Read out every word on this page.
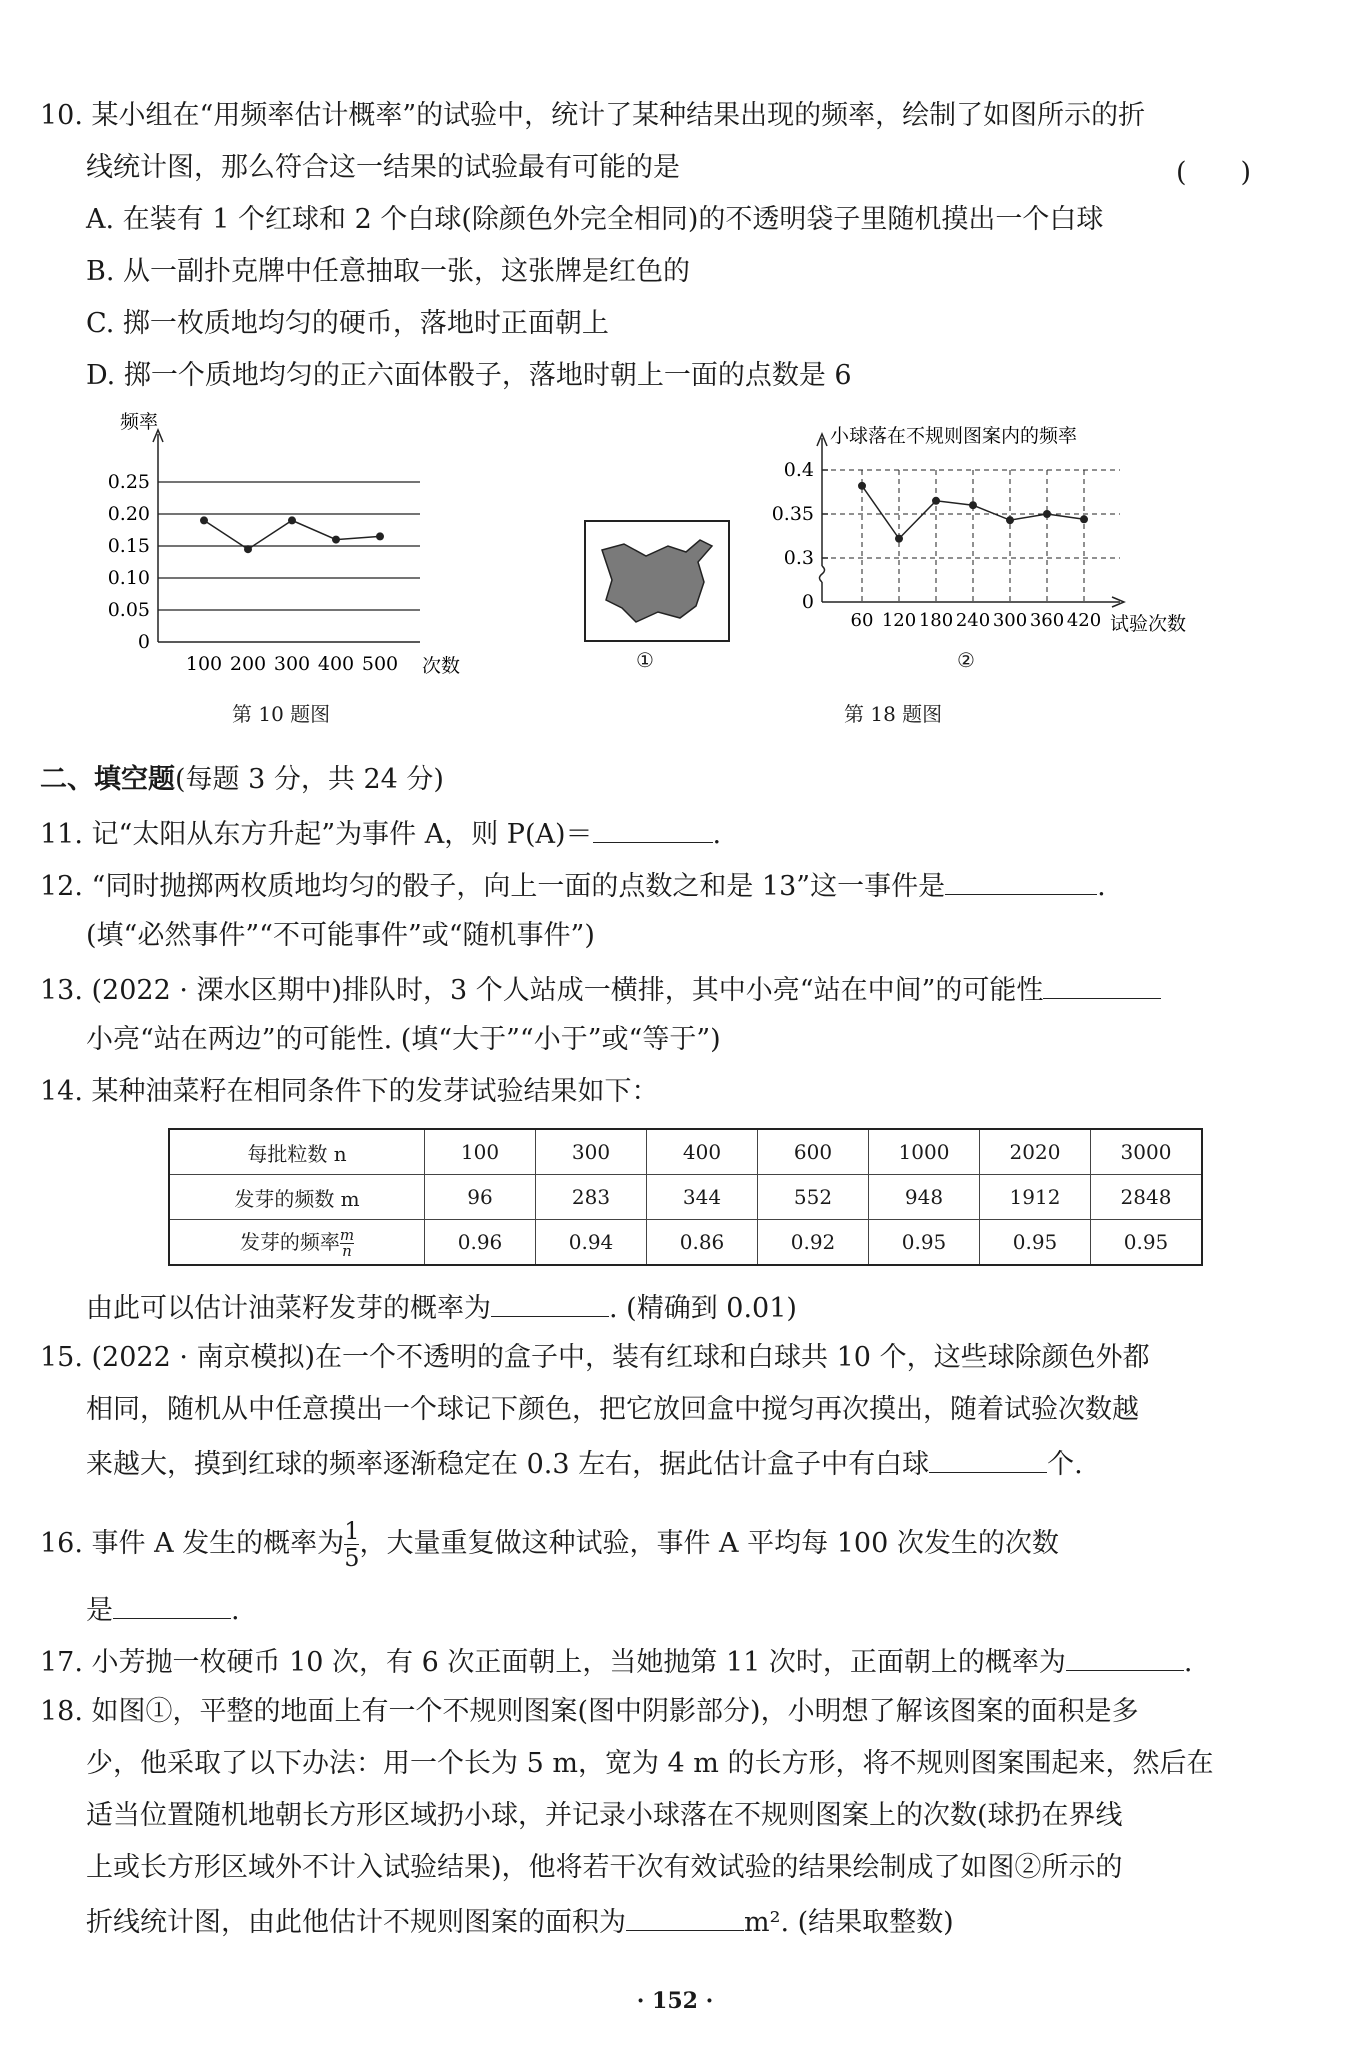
10. 某小组在“用频率估计概率”的试验中，统计了某种结果出现的频率，绘制了如图所示的折
线统计图，那么符合这一结果的试验最有可能的是	(　　)
A. 在装有 1 个红球和 2 个白球(除颜色外完全相同)的不透明袋子里随机摸出一个白球
B. 从一副扑克牌中任意抽取一张，这张牌是红色的
C. 掷一枚质地均匀的硬币，落地时正面朝上
D. 掷一个质地均匀的正六面体骰子，落地时朝上一面的点数是 6
0
0.05
0.10
0.15
0.20
0.25
100 200 300 400 500
频率
次数	①
小球落在不规则图案内的频率
0
0.3
0.35
0.4
60 120 180 240 300 360 420 试验次数
②
第 10 题图	第 18 题图
二、填空题(每题 3 分，共 24 分)
11. 记“太阳从东方升起”为事件 A，则 P(A)＝	.
12. “同时抛掷两枚质地均匀的骰子，向上一面的点数之和是 13”这一事件是	.
(填“必然事件”“不可能事件”或“随机事件”)
13. (2022 · 溧水区期中)排队时，3 个人站成一横排，其中小亮“站在中间”的可能性
小亮“站在两边”的可能性. (填“大于”“小于”或“等于”)
14. 某种油菜籽在相同条件下的发芽试验结果如下：
每批粒数 n	100	300	400	600	1000	2020	3000
发芽的频数 m	96	283	344	552	948	1912	2848
发芽的频率 $\frac{m}{n}$	0.96	0.94	0.86	0.92	0.95	0.95	0.95
由此可以估计油菜籽发芽的概率为	. (精确到 0.01)
15. (2022 · 南京模拟)在一个不透明的盒子中，装有红球和白球共 10 个，这些球除颜色外都
相同，随机从中任意摸出一个球记下颜色，把它放回盒中搅匀再次摸出，随着试验次数越
来越大，摸到红球的频率逐渐稳定在 0.3 左右，据此估计盒子中有白球	个.
16. 事件 A 发生的概率为 $\frac{1}{5}$ ，大量重复做这种试验，事件 A 平均每 100 次发生的次数
是	.
17. 小芳抛一枚硬币 10 次，有 6 次正面朝上，当她抛第 11 次时，正面朝上的概率为	.
18. 如图①，平整的地面上有一个不规则图案(图中阴影部分)，小明想了解该图案的面积是多
少，他采取了以下办法：用一个长为 5 m，宽为 4 m 的长方形，将不规则图案围起来，然后在
适当位置随机地朝长方形区域扔小球，并记录小球落在不规则图案上的次数(球扔在界线
上或长方形区域外不计入试验结果)，他将若干次有效试验的结果绘制成了如图②所示的
折线统计图，由此他估计不规则图案的面积为	m². (结果取整数)
· 152 ·
